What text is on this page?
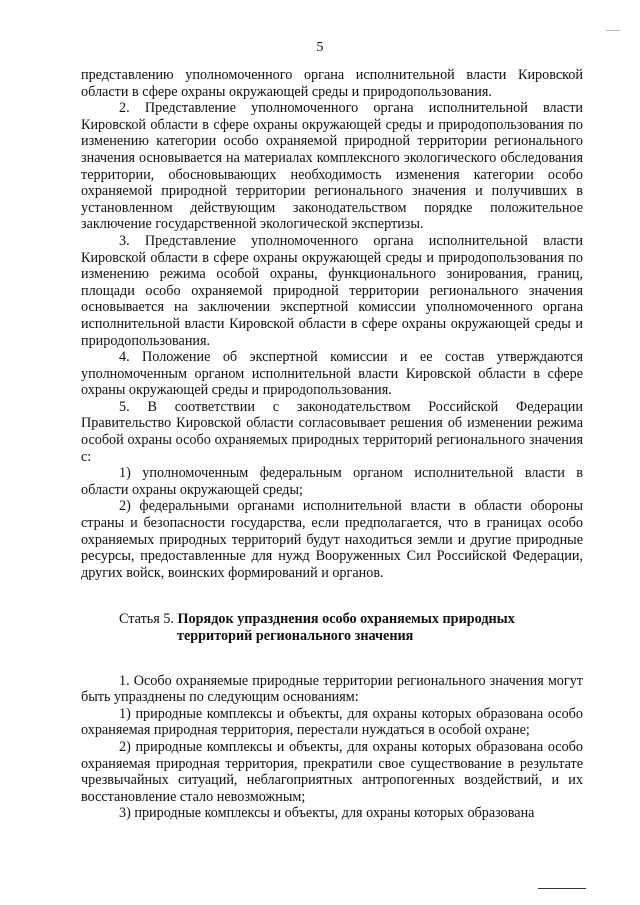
5

представлению уполномоченного органа исполнительной власти Кировской области в сфере охраны окружающей среды и природопользования.

2. Представление уполномоченного органа исполнительной власти Кировской области в сфере охраны окружающей среды и природопользования по изменению категории особо охраняемой природной территории регионального значения основывается на материалах комплексного экологического обследования территории, обосновывающих необходимость изменения категории особо охраняемой природной территории регионального значения и получивших в установленном действующим законодательством порядке положительное заключение государственной экологической экспертизы.

3. Представление уполномоченного органа исполнительной власти Кировской области в сфере охраны окружающей среды и природопользования по изменению режима особой охраны, функционального зонирования, границ, площади особо охраняемой природной территории регионального значения основывается на заключении экспертной комиссии уполномоченного органа исполнительной власти Кировской области в сфере охраны окружающей среды и природопользования.

4. Положение об экспертной комиссии и ее состав утверждаются уполномоченным органом исполнительной власти Кировской области в сфере охраны окружающей среды и природопользования.

5. В соответствии с законодательством Российской Федерации Правительство Кировской области согласовывает решения об изменении режима особой охраны особо охраняемых природных территорий регионального значения с:

1) уполномоченным федеральным органом исполнительной власти в области охраны окружающей среды;

2) федеральными органами исполнительной власти в области обороны страны и безопасности государства, если предполагается, что в границах особо охраняемых природных территорий будут находиться земли и другие природные ресурсы, предоставленные для нужд Вооруженных Сил Российской Федерации, других войск, воинских формирований и органов.

Статья 5. Порядок упразднения особо охраняемых природных
территорий регионального значения

1. Особо охраняемые природные территории регионального значения могут быть упразднены по следующим основаниям:

1) природные комплексы и объекты, для охраны которых образована особо охраняемая природная территория, перестали нуждаться в особой охране;

2) природные комплексы и объекты, для охраны которых образована особо охраняемая природная территория, прекратили свое существование в результате чрезвычайных ситуаций, неблагоприятных антропогенных воздействий, и их восстановление стало невозможным;

3) природные комплексы и объекты, для охраны которых образована
